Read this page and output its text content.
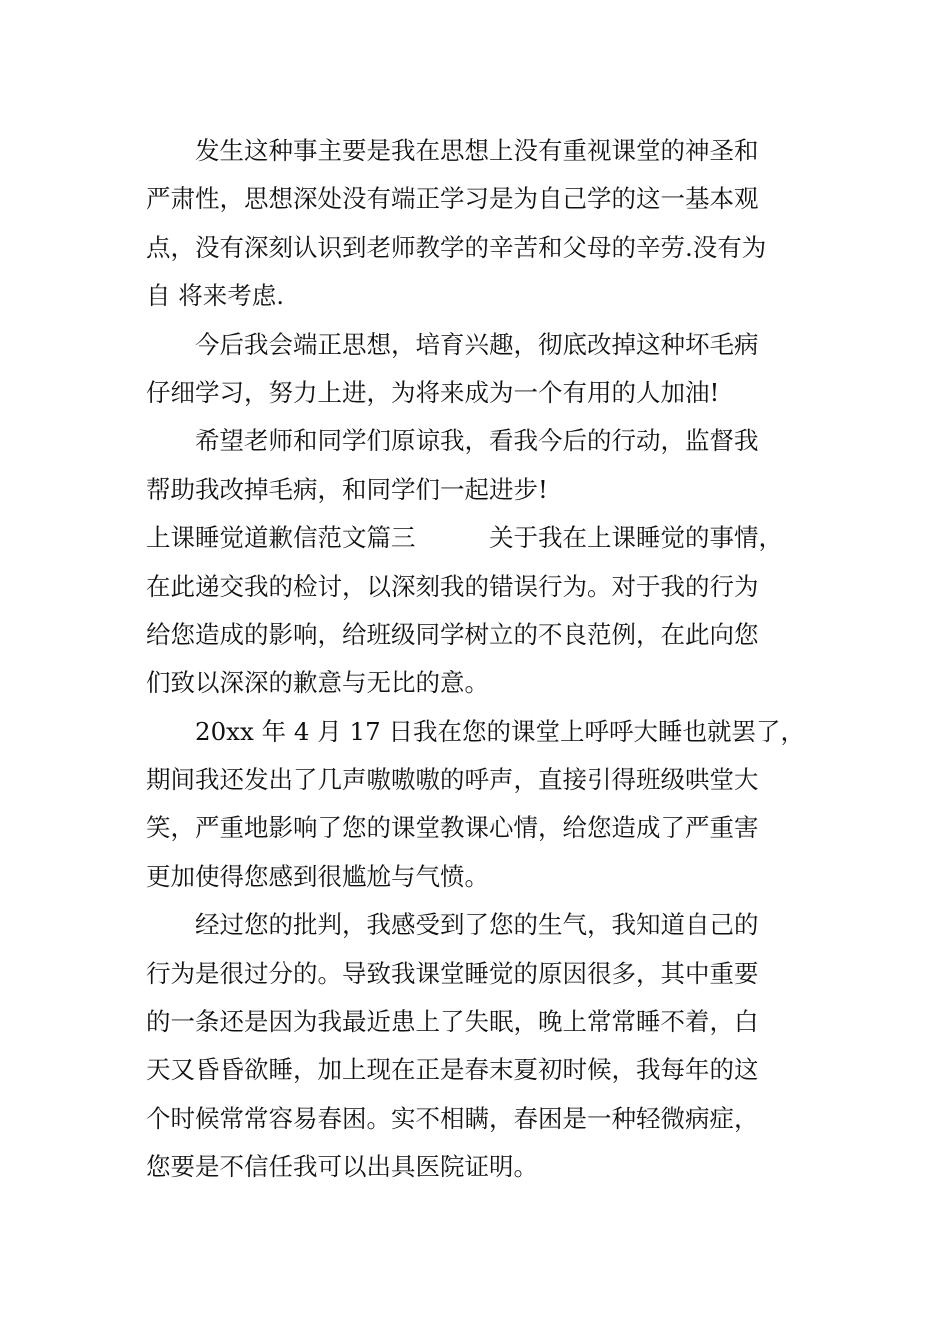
　　发生这种事主要是我在思想上没有重视课堂的神圣和
严肃性，思想深处没有端正学习是为自己学的这一基本观
点，没有深刻认识到老师教学的辛苦和父母的辛劳.没有为
自 将来考虑.
　　今后我会端正思想，培育兴趣，彻底改掉这种坏毛病
仔细学习，努力上进，为将来成为一个有用的人加油!
　　希望老师和同学们原谅我，看我今后的行动，监督我
帮助我改掉毛病，和同学们一起进步!
上课睡觉道歉信范文篇三　　　关于我在上课睡觉的事情，
在此递交我的检讨，以深刻我的错误行为。对于我的行为
给您造成的影响，给班级同学树立的不良范例，在此向您
们致以深深的歉意与无比的意。
　　20xx 年 4 月 17 日我在您的课堂上呼呼大睡也就罢了，
期间我还发出了几声嗷嗷嗷的呼声，直接引得班级哄堂大
笑，严重地影响了您的课堂教课心情，给您造成了严重害
更加使得您感到很尴尬与气愤。
　　经过您的批判，我感受到了您的生气，我知道自己的
行为是很过分的。导致我课堂睡觉的原因很多，其中重要
的一条还是因为我最近患上了失眠，晚上常常睡不着，白
天又昏昏欲睡，加上现在正是春末夏初时候，我每年的这
个时候常常容易春困。实不相瞒，春困是一种轻微病症，
您要是不信任我可以出具医院证明。
